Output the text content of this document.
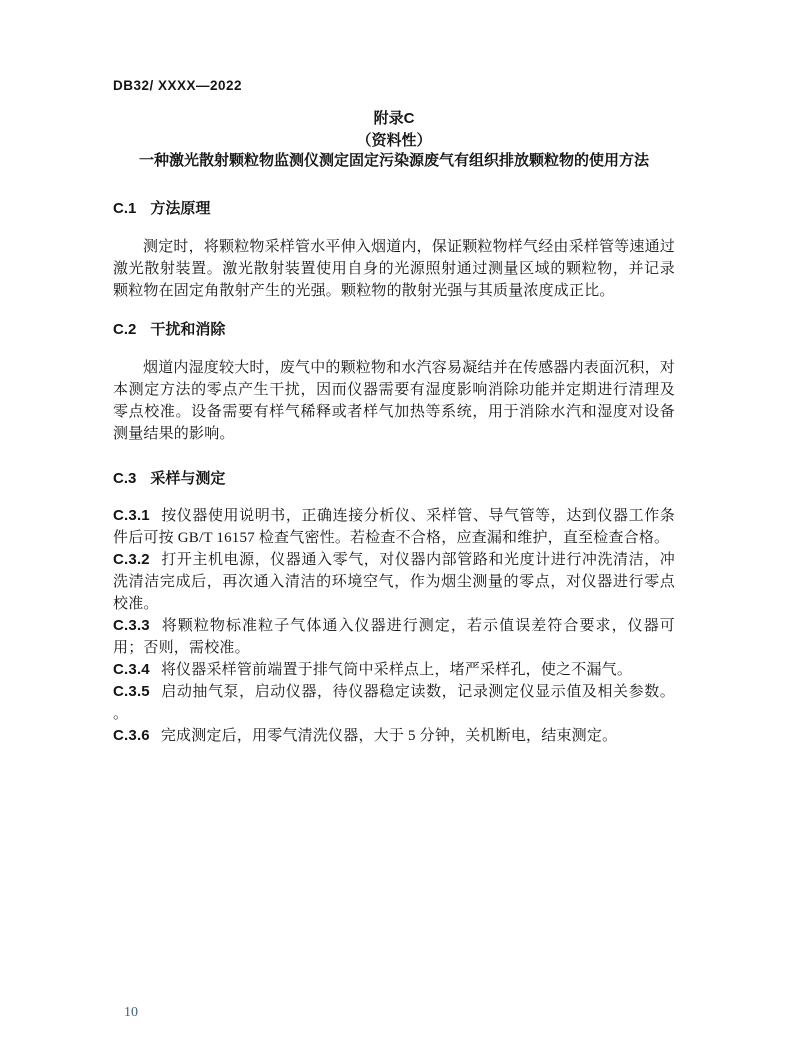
DB32/ XXXX—2022
附录C
（资料性）
一种激光散射颗粒物监测仪测定固定污染源废气有组织排放颗粒物的使用方法
C.1 方法原理

测定时，将颗粒物采样管水平伸入烟道内，保证颗粒物样气经由采样管等速通过激光散射装置。激光散射装置使用自身的光源照射通过测量区域的颗粒物，并记录颗粒物在固定角散射产生的光强。颗粒物的散射光强与其质量浓度成正比。

C.2 干扰和消除

烟道内湿度较大时，废气中的颗粒物和水汽容易凝结并在传感器内表面沉积，对本测定方法的零点产生干扰，因而仪器需要有湿度影响消除功能并定期进行清理及零点校准。设备需要有样气稀释或者样气加热等系统，用于消除水汽和湿度对设备测量结果的影响。

C.3 采样与测定

C.3.1 按仪器使用说明书，正确连接分析仪、采样管、导气管等，达到仪器工作条件后可按 GB/T 16157 检查气密性。若检查不合格，应查漏和维护，直至检查合格。

C.3.2 打开主机电源，仪器通入零气，对仪器内部管路和光度计进行冲洗清洁，冲洗清洁完成后，再次通入清洁的环境空气，作为烟尘测量的零点，对仪器进行零点校准。

C.3.3 将颗粒物标准粒子气体通入仪器进行测定，若示值误差符合要求，仪器可用；否则，需校准。

C.3.4 将仪器采样管前端置于排气筒中采样点上，堵严采样孔，使之不漏气。

C.3.5 启动抽气泵，启动仪器，待仪器稳定读数，记录测定仪显示值及相关参数。 。

C.3.6 完成测定后，用零气清洗仪器，大于 5 分钟，关机断电，结束测定。

10
